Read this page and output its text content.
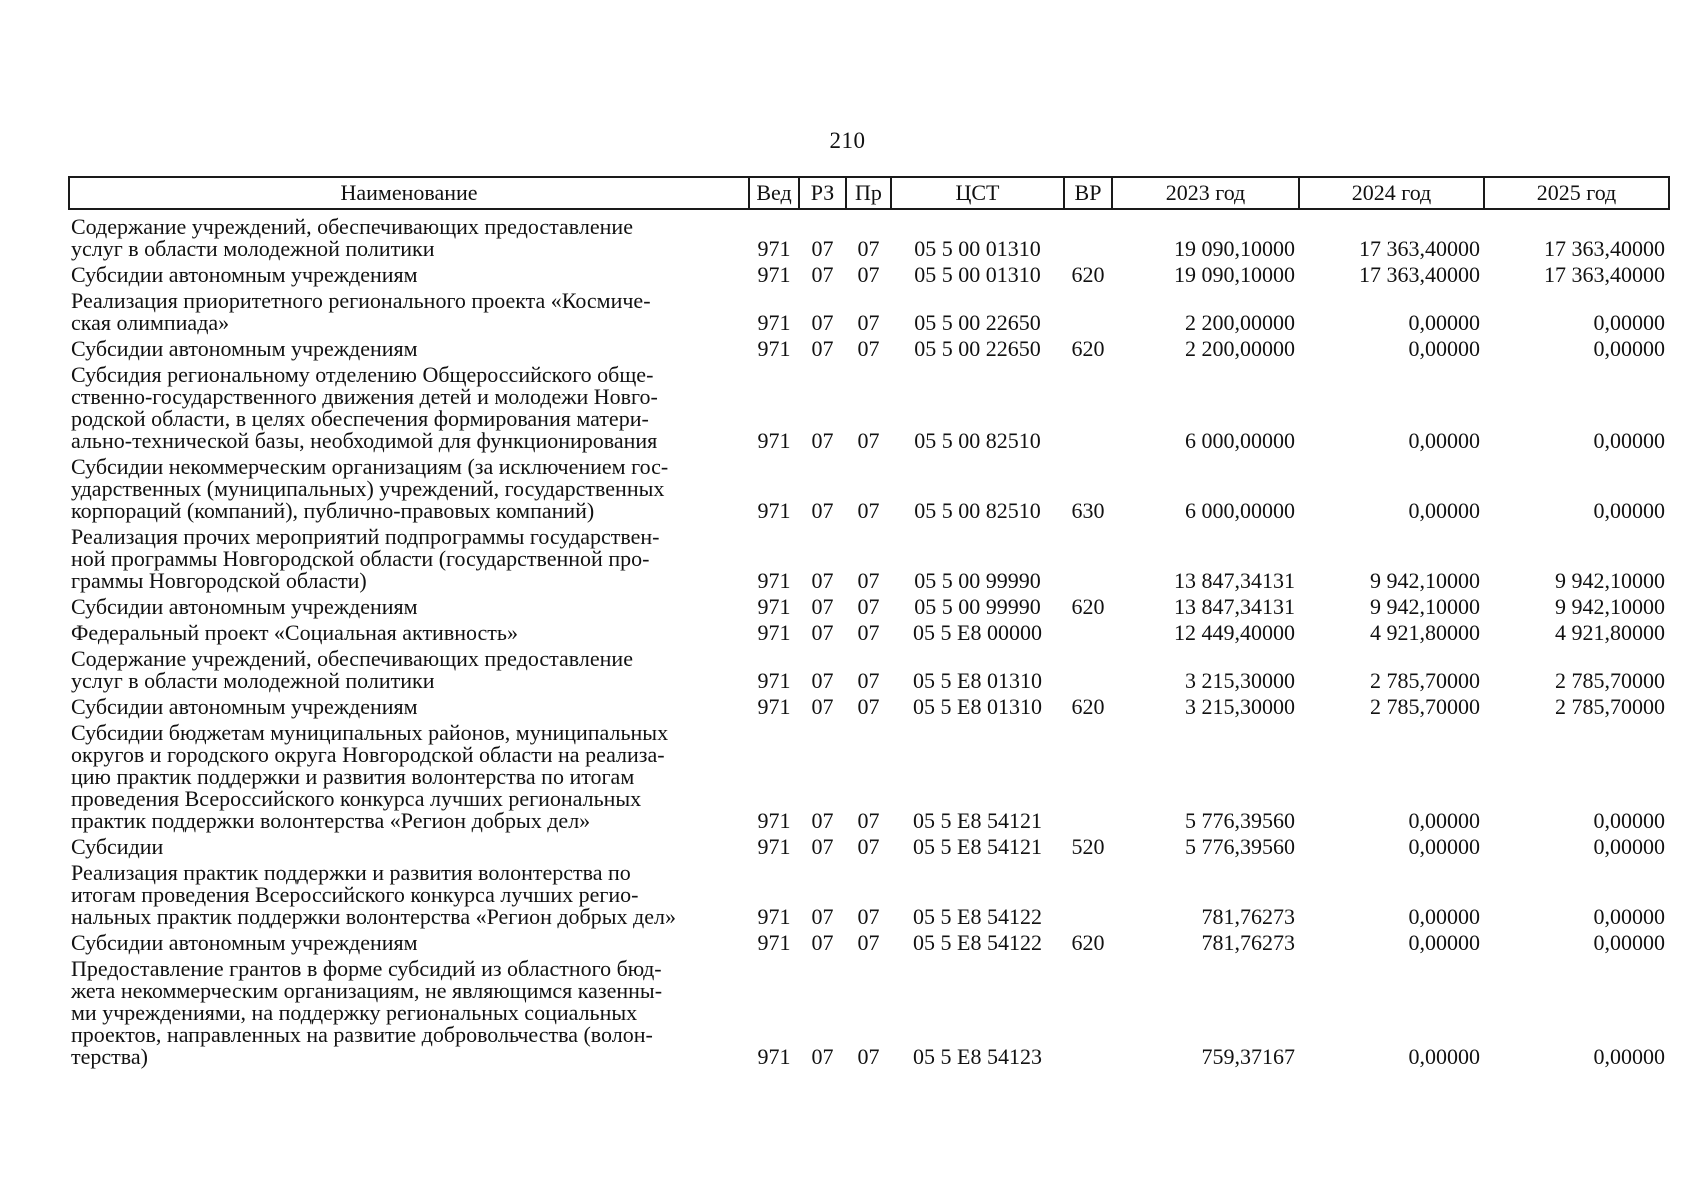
210
Наименование	Вед	РЗ	Пр	ЦСТ	ВР	2023 год	2024 год	2025 год

Содержание учреждений, обеспечивающих предоставление
услуг в области молодежной политики	971	07	07	05 5 00 01310		19 090,10000	17 363,40000	17 363,40000

Субсидии автономным учреждениям	971	07	07	05 5 00 01310	620	19 090,10000	17 363,40000	17 363,40000

Реализация приоритетного регионального проекта «Космиче-
ская олимпиада»	971	07	07	05 5 00 22650		2 200,00000	0,00000	0,00000

Субсидии автономным учреждениям	971	07	07	05 5 00 22650	620	2 200,00000	0,00000	0,00000

Субсидия региональному отделению Общероссийского обще-
ственно-государственного движения детей и молодежи Новго-
родской области, в целях обеспечения формирования матери-
ально-технической базы, необходимой для функционирования	971	07	07	05 5 00 82510		6 000,00000	0,00000	0,00000

Субсидии некоммерческим организациям (за исключением гос-
ударственных (муниципальных) учреждений, государственных
корпораций (компаний), публично-правовых компаний)	971	07	07	05 5 00 82510	630	6 000,00000	0,00000	0,00000

Реализация прочих мероприятий подпрограммы государствен-
ной программы Новгородской области (государственной про-
граммы Новгородской области)	971	07	07	05 5 00 99990		13 847,34131	9 942,10000	9 942,10000

Субсидии автономным учреждениям	971	07	07	05 5 00 99990	620	13 847,34131	9 942,10000	9 942,10000

Федеральный проект «Социальная активность»	971	07	07	05 5 E8 00000		12 449,40000	4 921,80000	4 921,80000

Содержание учреждений, обеспечивающих предоставление
услуг в области молодежной политики	971	07	07	05 5 E8 01310		3 215,30000	2 785,70000	2 785,70000

Субсидии автономным учреждениям	971	07	07	05 5 E8 01310	620	3 215,30000	2 785,70000	2 785,70000

Субсидии бюджетам муниципальных районов, муниципальных
округов и городского округа Новгородской области на реализа-
цию практик поддержки и развития волонтерства по итогам
проведения Всероссийского конкурса лучших региональных
практик поддержки волонтерства «Регион добрых дел»	971	07	07	05 5 E8 54121		5 776,39560	0,00000	0,00000

Субсидии	971	07	07	05 5 E8 54121	520	5 776,39560	0,00000	0,00000

Реализация практик поддержки и развития волонтерства по
итогам проведения Всероссийского конкурса лучших регио-
нальных практик поддержки волонтерства «Регион добрых дел»	971	07	07	05 5 E8 54122		781,76273	0,00000	0,00000

Субсидии автономным учреждениям	971	07	07	05 5 E8 54122	620	781,76273	0,00000	0,00000

Предоставление грантов в форме субсидий из областного бюд-
жета некоммерческим организациям, не являющимся казенны-
ми учреждениями, на поддержку региональных социальных
проектов, направленных на развитие добровольчества (волон-
терства)	971	07	07	05 5 E8 54123		759,37167	0,00000	0,00000
